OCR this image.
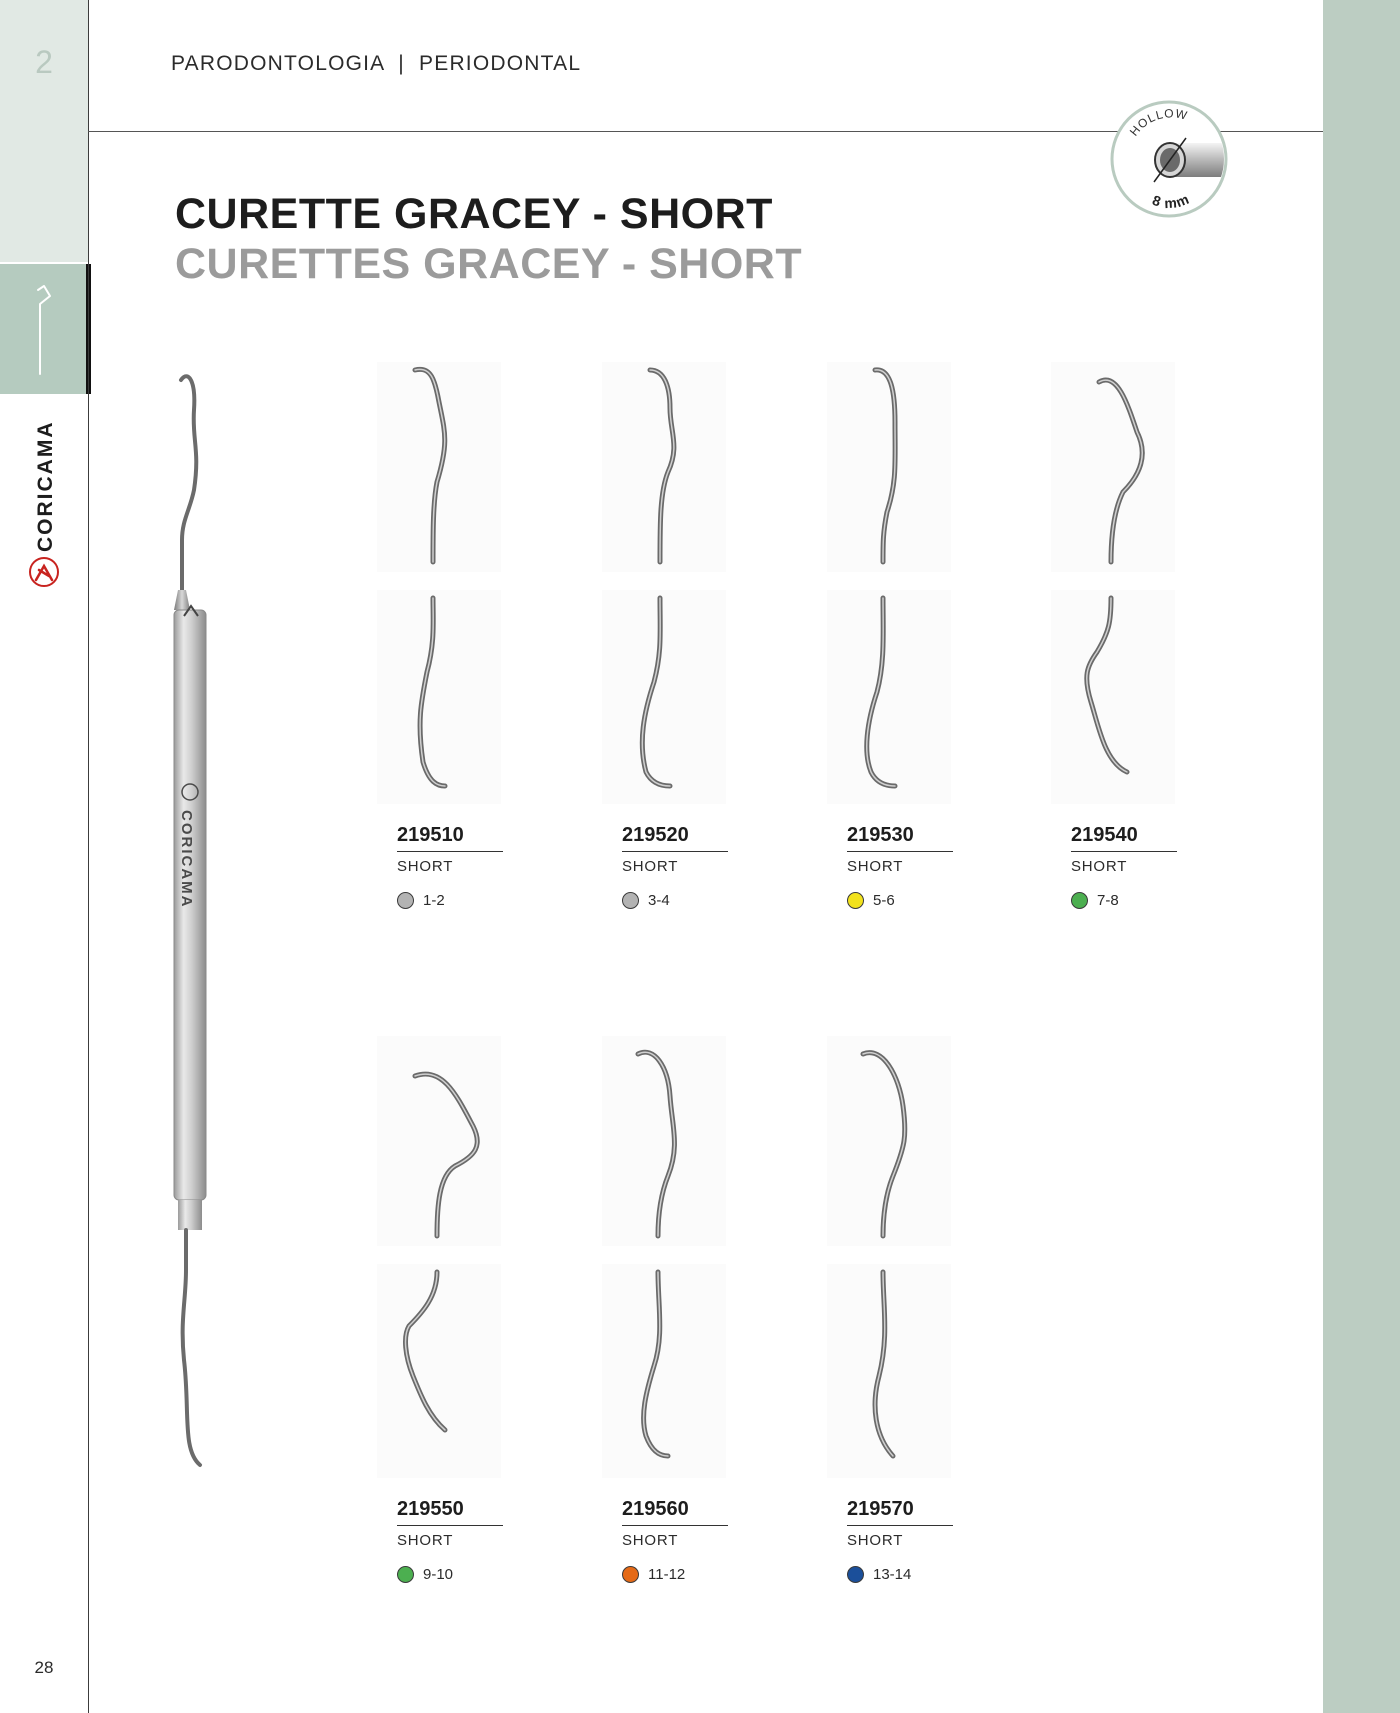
2
CORICAMA
28
PARODONTOLOGIA  |  PERIODONTAL
HOLLOW
8 mm
CURETTE GRACEY - SHORT
CURETTES GRACEY - SHORT
CORICAMA	219510
SHORT
1-2
219520
SHORT
3-4
219530
SHORT
5-6
219540
SHORT
7-8
219550
SHORT
9-10
219560
SHORT
11-12
219570
SHORT
13-14
